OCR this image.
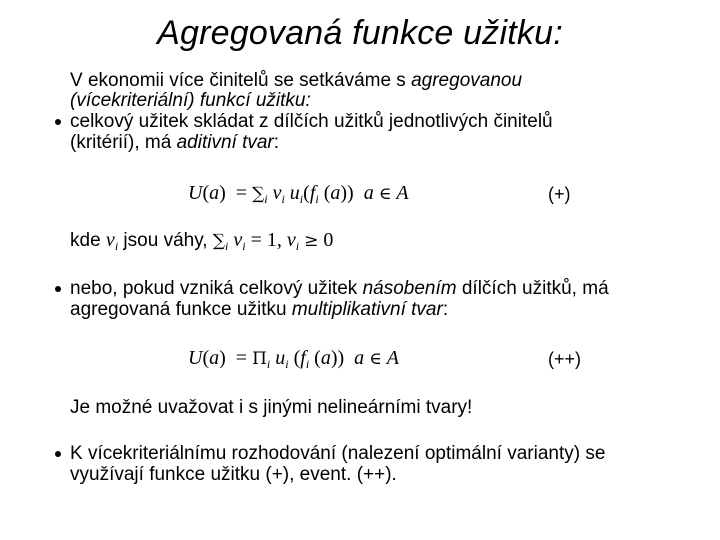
Agregovaná funkce užitku:
V ekonomii více činitelů se setkáváme s agregovanou
(vícekriteriální) funkcí užitku:
celkový užitek skládat z dílčích užitků jednotlivých činitelů
(kritérií), má aditivní tvar:
$U(a) = \sum_i$ $v_i$ $u_i(f_i$ (a))  a ∈ A	(+)
kde $v_i$ jsou váhy, $\sum_i$ $v_i = 1$, $v_i \ge 0$
nebo, pokud vzniká celkový užitek násobením dílčích užitků, má
agregovaná funkce užitku multiplikativní tvar:
$U(a) = \Pi_i$ $u_i$ ($f_i$ (a))  a ∈ A	(++)
Je možné uvažovat i s jinými nelineárními tvary!
K vícekriteriálnímu rozhodování (nalezení optimální varianty) se
využívají funkce užitku (+), event. (++).
